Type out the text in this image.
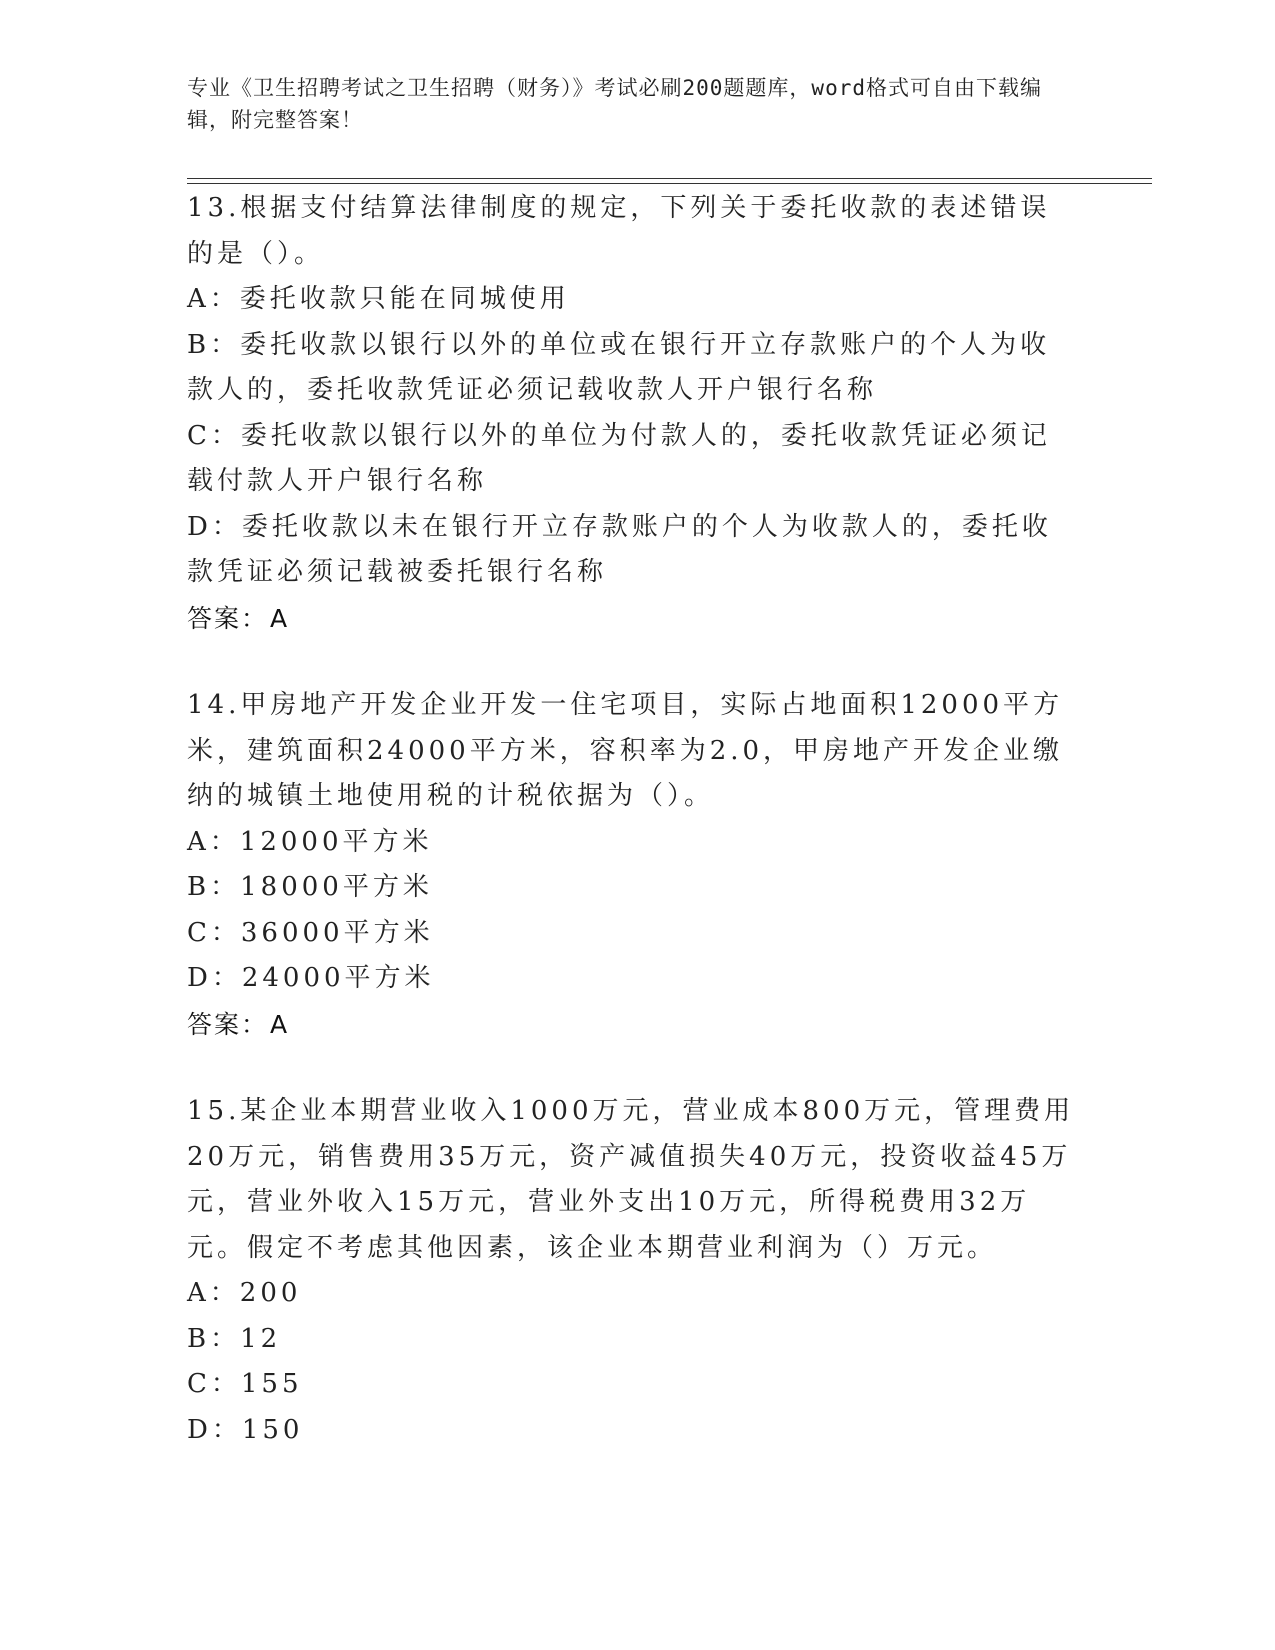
专业《卫生招聘考试之卫生招聘（财务）》考试必刷200题题库，word格式可自由下载编辑，附完整答案！
13.根据支付结算法律制度的规定，下列关于委托收款的表述错误的是（）。
A：委托收款只能在同城使用
B：委托收款以银行以外的单位或在银行开立存款账户的个人为收款人的，委托收款凭证必须记载收款人开户银行名称
C：委托收款以银行以外的单位为付款人的，委托收款凭证必须记载付款人开户银行名称
D：委托收款以未在银行开立存款账户的个人为收款人的，委托收款凭证必须记载被委托银行名称
答案：A
14.甲房地产开发企业开发一住宅项目，实际占地面积12000平方米，建筑面积24000平方米，容积率为2.0，甲房地产开发企业缴纳的城镇土地使用税的计税依据为（）。
A：12000平方米
B：18000平方米
C：36000平方米
D：24000平方米
答案：A
15.某企业本期营业收入1000万元，营业成本800万元，管理费用20万元，销售费用35万元，资产减值损失40万元，投资收益45万元，营业外收入15万元，营业外支出10万元，所得税费用32万元。假定不考虑其他因素，该企业本期营业利润为（）万元。
A：200
B：12
C：155
D：150
